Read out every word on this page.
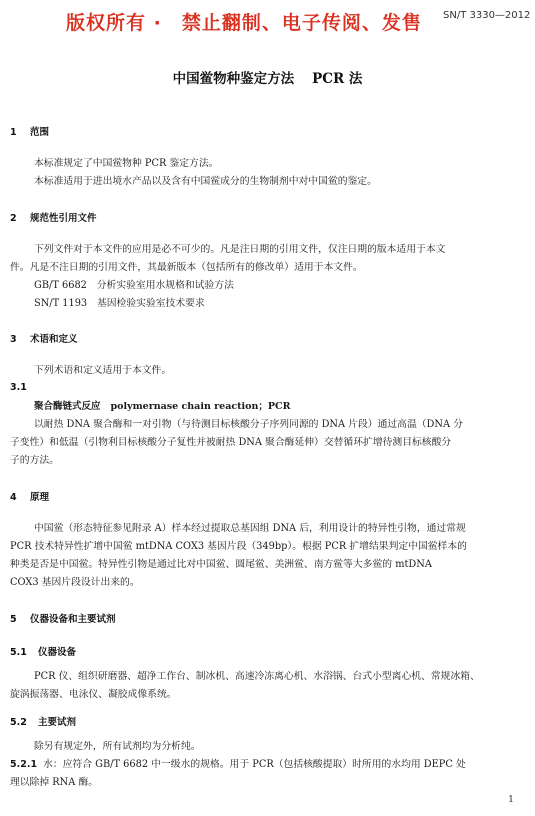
版权所有 ·　禁止翻制、电子传阅、发售	SN/T 3330—2012
中国鲎物种鉴定方法 PCR 法
1 范围
本标准规定了中国鲎物种 PCR 鉴定方法。
本标准适用于进出境水产品以及含有中国鲎成分的生物制剂中对中国鲎的鉴定。
2 规范性引用文件
下列文件对于本文件的应用是必不可少的。凡是注日期的引用文件，仅注日期的版本适用于本文
件。凡是不注日期的引用文件，其最新版本（包括所有的修改单）适用于本文件。
GB/T 6682　分析实验室用水规格和试验方法
SN/T 1193　基因检验实验室技术要求
3 术语和定义
下列术语和定义适用于本文件。
3.1
聚合酶链式反应 polymernase chain reaction；PCR
以耐热 DNA 聚合酶和一对引物（与待测目标核酸分子序列同源的 DNA 片段）通过高温（DNA 分
子变性）和低温（引物利目标核酸分子复性并被耐热 DNA 聚合酶延伸）交替循环扩增待测目标核酸分
子的方法。
4 原理
中国鲎（形态特征参见附录 A）样本经过提取总基因组 DNA 后，利用设计的特异性引物，通过常规
PCR 技术特异性扩增中国鲎 mtDNA COX3 基因片段（349bp）。根据 PCR 扩增结果判定中国鲎样本的
种类是否是中国鲎。特异性引物是通过比对中国鲎、圆尾鲎、美洲鲎、南方鲎等大多鲎的 mtDNA
COX3 基因片段设计出来的。
5 仪器设备和主要试剂
5.1 仪器设备
PCR 仪、组织研磨器、超净工作台、制冰机、高速冷冻离心机、水浴锅、台式小型离心机、常规冰箱、
旋涡振荡器、电泳仪、凝胶成像系统。
5.2 主要试剂
除另有规定外，所有试剂均为分析纯。
5.2.1 水：应符合 GB/T 6682 中一级水的规格。用于 PCR（包括核酸提取）时所用的水均用 DEPC 处
理以除掉 RNA 酶。
1
